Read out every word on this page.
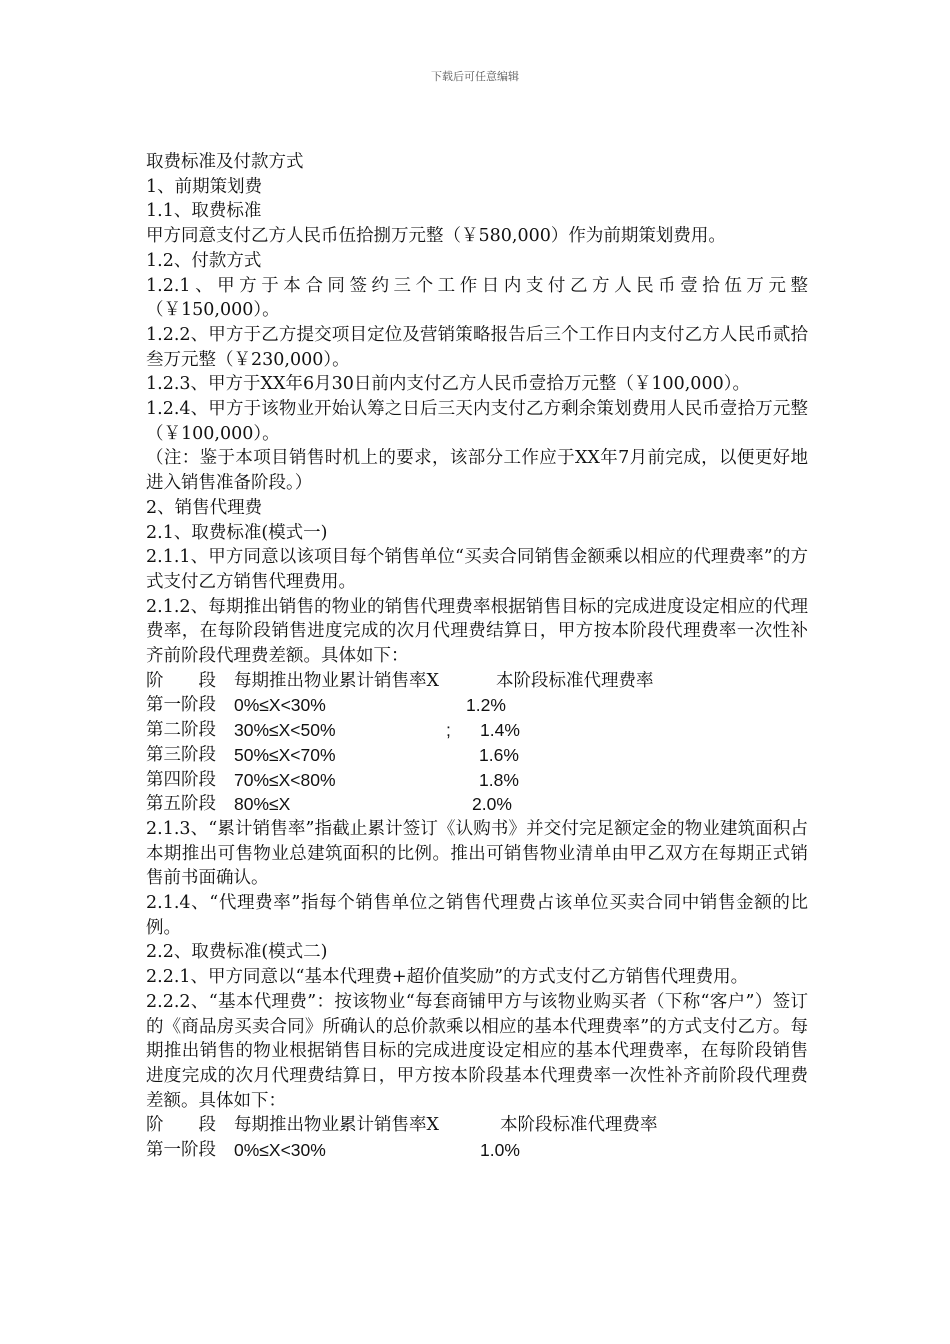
下载后可任意编辑

取费标准及付款方式

1、前期策划费

1.1、取费标准

甲方同意支付乙方人民币伍拾捌万元整（￥580,000）作为前期策划费用。

1.2、付款方式

1.2.1、甲方于本合同签约三个工作日内支付乙方人民币壹拾伍万元整（￥150,000）。

1.2.2、甲方于乙方提交项目定位及营销策略报告后三个工作日内支付乙方人民币贰拾叁万元整（￥230,000）。

1.2.3、甲方于XX年6月30日前内支付乙方人民币壹拾万元整（￥100,000）。

1.2.4、甲方于该物业开始认筹之日后三天内支付乙方剩余策划费用人民币壹拾万元整（￥100,000）。

（注：鉴于本项目销售时机上的要求，该部分工作应于XX年7月前完成，以便更好地进入销售准备阶段。）

2、销售代理费

2.1、取费标准(模式一)

2.1.1、甲方同意以该项目每个销售单位“买卖合同销售金额乘以相应的代理费率”的方式支付乙方销售代理费用。

2.1.2、每期推出销售的物业的销售代理费率根据销售目标的完成进度设定相应的代理费率，在每阶段销售进度完成的次月代理费结算日，甲方按本阶段代理费率一次性补齐前阶段代理费差额。具体如下：

阶　　段	每期推出物业累计销售率X	本阶段标准代理费率
第一阶段	0%≤X<30%	1.2%
第二阶段	30%≤X<50%	;      1.4%
第三阶段	50%≤X<70%	1.6%
第四阶段	70%≤X<80%	1.8%
第五阶段	80%≤X	2.0%

2.1.3、“累计销售率”指截止累计签订《认购书》并交付完足额定金的物业建筑面积占本期推出可售物业总建筑面积的比例。推出可销售物业清单由甲乙双方在每期正式销售前书面确认。

2.1.4、“代理费率”指每个销售单位之销售代理费占该单位买卖合同中销售金额的比例。

2.2、取费标准(模式二)

2.2.1、甲方同意以“基本代理费+超价值奖励”的方式支付乙方销售代理费用。

2.2.2、“基本代理费”：按该物业“每套商铺甲方与该物业购买者（下称“客户”）签订的《商品房买卖合同》所确认的总价款乘以相应的基本代理费率”的方式支付乙方。每期推出销售的物业根据销售目标的完成进度设定相应的基本代理费率，在每阶段销售进度完成的次月代理费结算日，甲方按本阶段基本代理费率一次性补齐前阶段代理费差额。具体如下：

阶　　段	每期推出物业累计销售率X	本阶段标准代理费率
第一阶段	0%≤X<30%	1.0%
